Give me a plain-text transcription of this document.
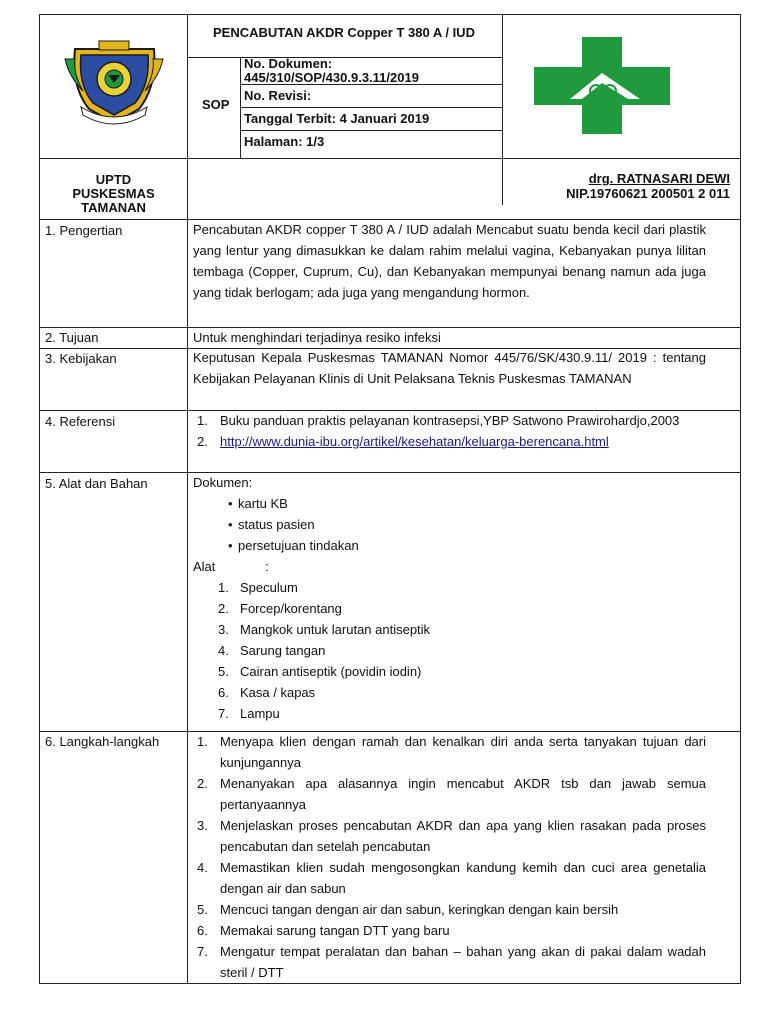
PENCABUTAN AKDR Copper T 380 A / IUD
SOP
No. Dokumen:
445/310/SOP/430.9.3.11/2019
No. Revisi:
Tanggal Terbit: 4 Januari 2019
Halaman: 1/3
UPTD
PUSKESMAS
TAMANAN
drg. RATNASARI DEWI
NIP.19760621 200501 2 011
1. Pengertian
2. Tujuan
3. Kebijakan
4. Referensi
5. Alat dan Bahan
6. Langkah-langkah
Pencabutan AKDR copper T 380 A / IUD adalah Mencabut suatu benda kecil dari plastik yang lentur yang dimasukkan ke dalam rahim melalui vagina, Kebanyakan punya lilitan tembaga (Copper, Cuprum, Cu), dan Kebanyakan mempunyai benang namun ada juga yang tidak berlogam; ada juga yang mengandung hormon.
Untuk menghindari terjadinya resiko infeksi
Keputusan Kepala Puskesmas TAMANAN Nomor 445/76/SK/430.9.11/ 2019 : tentang Kebijakan Pelayanan Klinis di Unit Pelaksana Teknis Puskesmas TAMANAN
1. Buku panduan praktis pelayanan kontrasepsi,YBP Satwono Prawirohardjo,2003
2. http://www.dunia-ibu.org/artikel/kesehatan/keluarga-berencana.html
Dokumen:
• kartu KB
• status pasien
• persetujuan tindakan
Alat	:
1. Speculum
2. Forcep/korentang
3. Mangkok untuk larutan antiseptik
4. Sarung tangan
5. Cairan antiseptik (povidin iodin)
6. Kasa / kapas
7. Lampu
1. Menyapa klien dengan ramah dan kenalkan diri anda serta tanyakan tujuan dari kunjungannya
2. Menanyakan apa alasannya ingin mencabut AKDR tsb dan jawab semua pertanyaannya
3. Menjelaskan proses pencabutan AKDR dan apa yang klien rasakan pada proses pencabutan dan setelah pencabutan
4. Memastikan klien sudah mengosongkan kandung kemih dan cuci area genetalia dengan air dan sabun
5. Mencuci tangan dengan air dan sabun, keringkan dengan kain bersih
6. Memakai sarung tangan DTT yang baru
7. Mengatur tempat peralatan dan bahan – bahan yang akan di pakai dalam wadah steril / DTT
